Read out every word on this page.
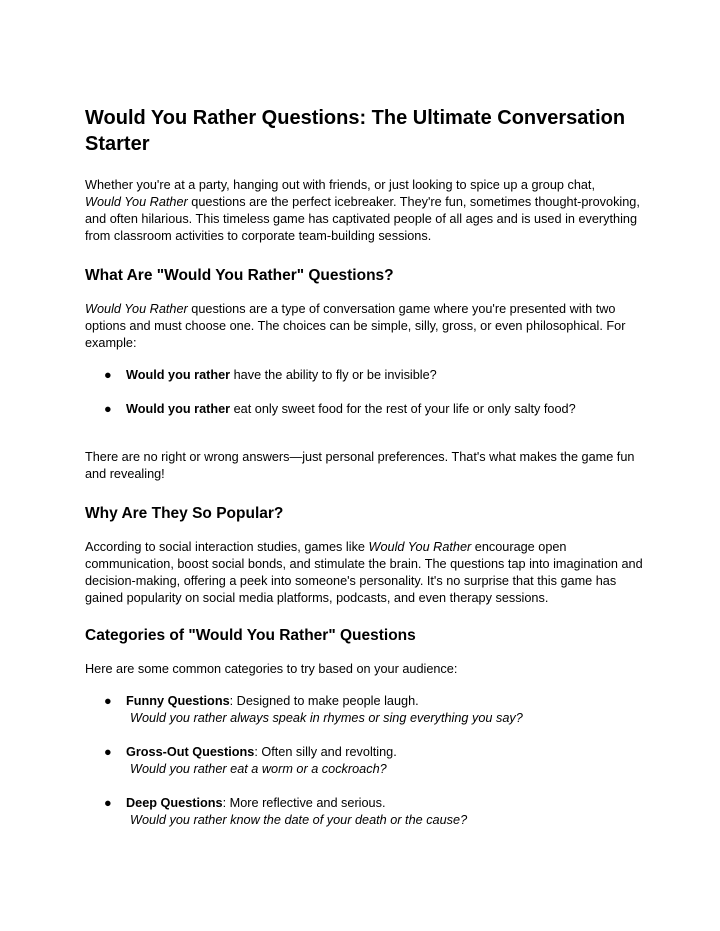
Would You Rather Questions: The Ultimate Conversation Starter

Whether you're at a party, hanging out with friends, or just looking to spice up a group chat,
Would You Rather questions are the perfect icebreaker. They're fun, sometimes thought-provoking, and often hilarious. This timeless game has captivated people of all ages and is used in everything from classroom activities to corporate team-building sessions.

What Are "Would You Rather" Questions?

Would You Rather questions are a type of conversation game where you're presented with two options and must choose one. The choices can be simple, silly, gross, or even philosophical. For example:

● Would you rather have the ability to fly or be invisible?
● Would you rather eat only sweet food for the rest of your life or only salty food?

There are no right or wrong answers—just personal preferences. That's what makes the game fun and revealing!

Why Are They So Popular?

According to social interaction studies, games like Would You Rather encourage open communication, boost social bonds, and stimulate the brain. The questions tap into imagination and decision-making, offering a peek into someone's personality. It's no surprise that this game has gained popularity on social media platforms, podcasts, and even therapy sessions.

Categories of "Would You Rather" Questions

Here are some common categories to try based on your audience:

● Funny Questions: Designed to make people laugh.
Would you rather always speak in rhymes or sing everything you say?
● Gross-Out Questions: Often silly and revolting.
Would you rather eat a worm or a cockroach?
● Deep Questions: More reflective and serious.
Would you rather know the date of your death or the cause?
